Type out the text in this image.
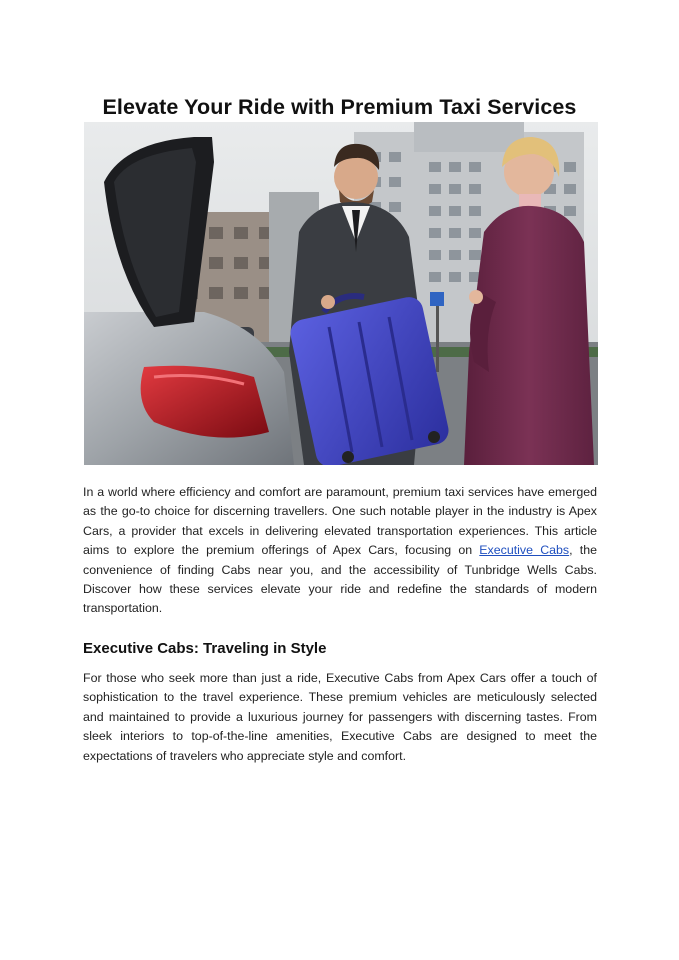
Elevate Your Ride with Premium Taxi Services

In a world where efficiency and comfort are paramount, premium taxi services have emerged as the go-to choice for discerning travellers. One such notable player in the industry is Apex Cars, a provider that excels in delivering elevated transportation experiences. This article aims to explore the premium offerings of Apex Cars, focusing on Executive Cabs, the convenience of finding Cabs near you, and the accessibility of Tunbridge Wells Cabs. Discover how these services elevate your ride and redefine the standards of modern transportation.

Executive Cabs: Traveling in Style

For those who seek more than just a ride, Executive Cabs from Apex Cars offer a touch of sophistication to the travel experience. These premium vehicles are meticulously selected and maintained to provide a luxurious journey for passengers with discerning tastes. From sleek interiors to top-of-the-line amenities, Executive Cabs are designed to meet the expectations of travelers who appreciate style and comfort.
